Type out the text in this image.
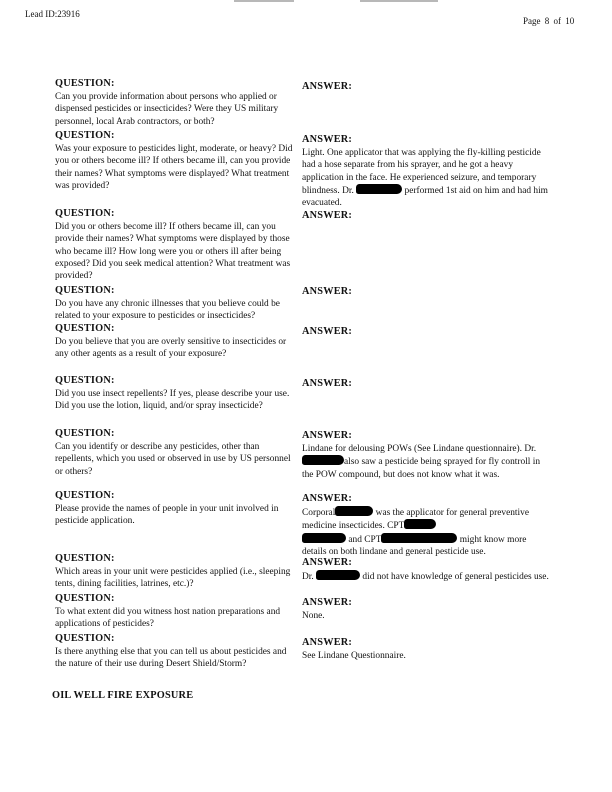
Lead ID:23916
Page 8 of 10
QUESTION:
Can you provide information about persons who applied or dispensed pesticides or insecticides? Were they US military personnel, local Arab contractors, or both?
ANSWER:
QUESTION:
Was your exposure to pesticides light, moderate, or heavy? Did you or others become ill? If others became ill, can you provide their names? What symptoms were displayed? What treatment was provided?
ANSWER:
Light. One applicator that was applying the fly-killing pesticide had a hose separate from his sprayer, and he got a heavy application in the face. He experienced seizure, and temporary blindness. Dr.	performed 1st aid on him and had him evacuated.
QUESTION:
Did you or others become ill? If others became ill, can you provide their names? What symptoms were displayed by those who became ill? How long were you or others ill after being exposed? Did you seek medical attention? What treatment was provided?
ANSWER:
QUESTION:
Do you have any chronic illnesses that you believe could be related to your exposure to pesticides or insecticides?
ANSWER:
QUESTION:
Do you believe that you are overly sensitive to insecticides or any other agents as a result of your exposure?
ANSWER:
QUESTION:
Did you use insect repellents? If yes, please describe your use. Did you use the lotion, liquid, and/or spray insecticide?
ANSWER:
QUESTION:
Can you identify or describe any pesticides, other than repellents, which you used or observed in use by US personnel or others?
ANSWER:
Lindane for delousing POWs (See Lindane questionnaire). Dr.also saw a pesticide being sprayed for fly controll in the POW compound, but does not know what it was.
QUESTION:
Please provide the names of people in your unit involved in pesticide application.
ANSWER:
Corporal	was the applicator for general preventive medicine insecticides. CPT
and CPT	might know more details on both lindane and general pesticide use.
QUESTION:
Which areas in your unit were pesticides applied (i.e., sleeping tents, dining facilities, latrines, etc.)?
ANSWER:
Dr.	did not have knowledge of general pesticides use.
QUESTION:
To what extent did you witness host nation preparations and applications of pesticides?
ANSWER:
None.
QUESTION:
Is there anything else that you can tell us about pesticides and the nature of their use during Desert Shield/Storm?
ANSWER:
See Lindane Questionnaire.
OIL WELL FIRE EXPOSURE
